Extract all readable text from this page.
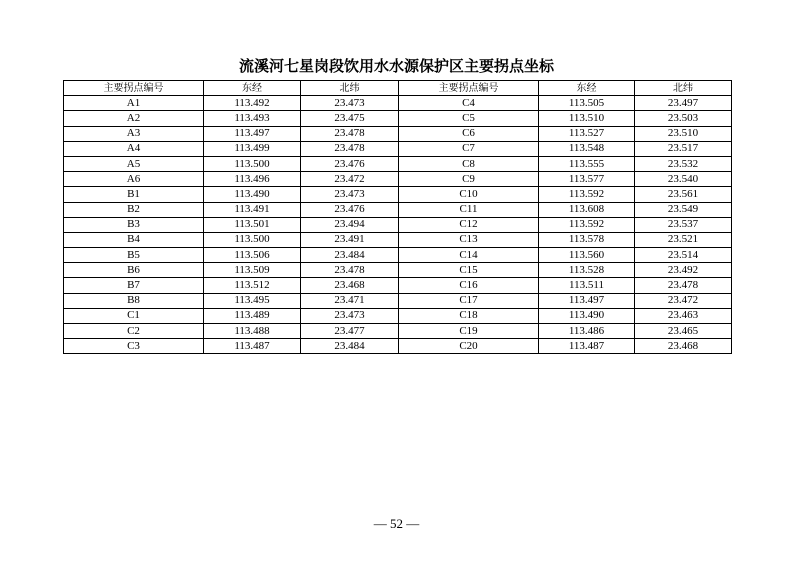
流溪河七星岗段饮用水水源保护区主要拐点坐标
主要拐点编号	东经	北纬	主要拐点编号	东经	北纬
A1	113.492	23.473	C4	113.505	23.497
A2	113.493	23.475	C5	113.510	23.503
A3	113.497	23.478	C6	113.527	23.510
A4	113.499	23.478	C7	113.548	23.517
A5	113.500	23.476	C8	113.555	23.532
A6	113.496	23.472	C9	113.577	23.540
B1	113.490	23.473	C10	113.592	23.561
B2	113.491	23.476	C11	113.608	23.549
B3	113.501	23.494	C12	113.592	23.537
B4	113.500	23.491	C13	113.578	23.521
B5	113.506	23.484	C14	113.560	23.514
B6	113.509	23.478	C15	113.528	23.492
B7	113.512	23.468	C16	113.511	23.478
B8	113.495	23.471	C17	113.497	23.472
C1	113.489	23.473	C18	113.490	23.463
C2	113.488	23.477	C19	113.486	23.465
C3	113.487	23.484	C20	113.487	23.468
— 52 —
